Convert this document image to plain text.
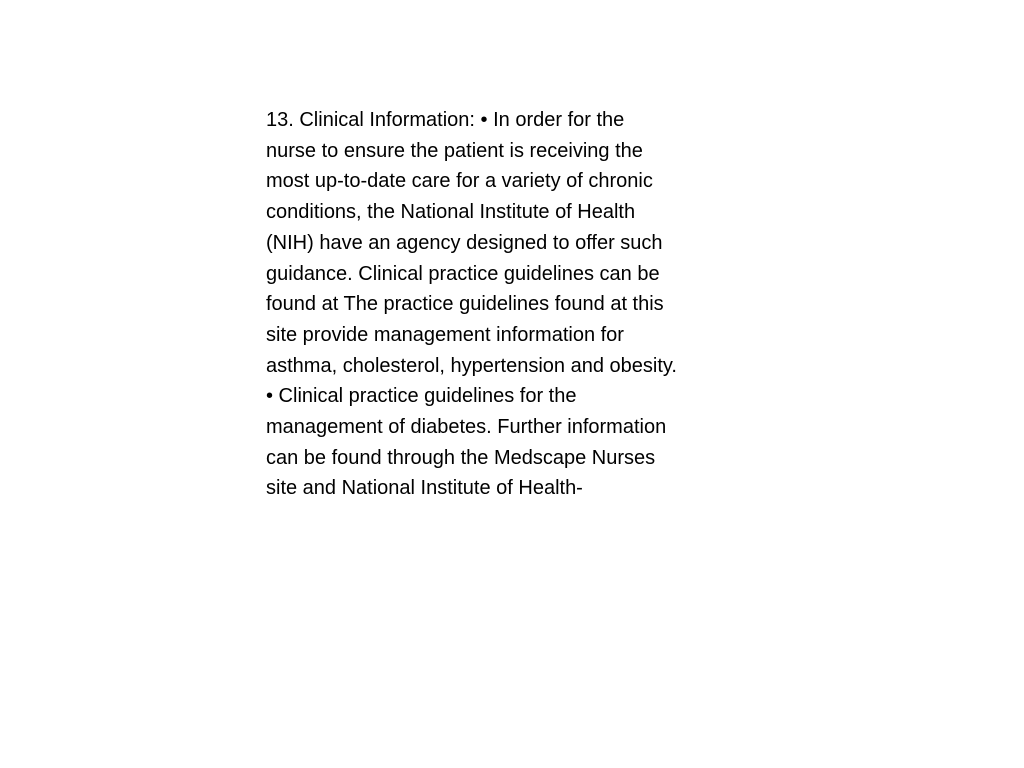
13. Clinical Information: • In order for the
nurse to ensure the patient is receiving the
most up-to-date care for a variety of chronic
conditions, the National Institute of Health
(NIH) have an agency designed to offer such
guidance. Clinical practice guidelines can be
found at The practice guidelines found at this
site provide management information for
asthma, cholesterol, hypertension and obesity.
• Clinical practice guidelines for the
management of diabetes. Further information
can be found through the Medscape Nurses
site and National Institute of Health-
